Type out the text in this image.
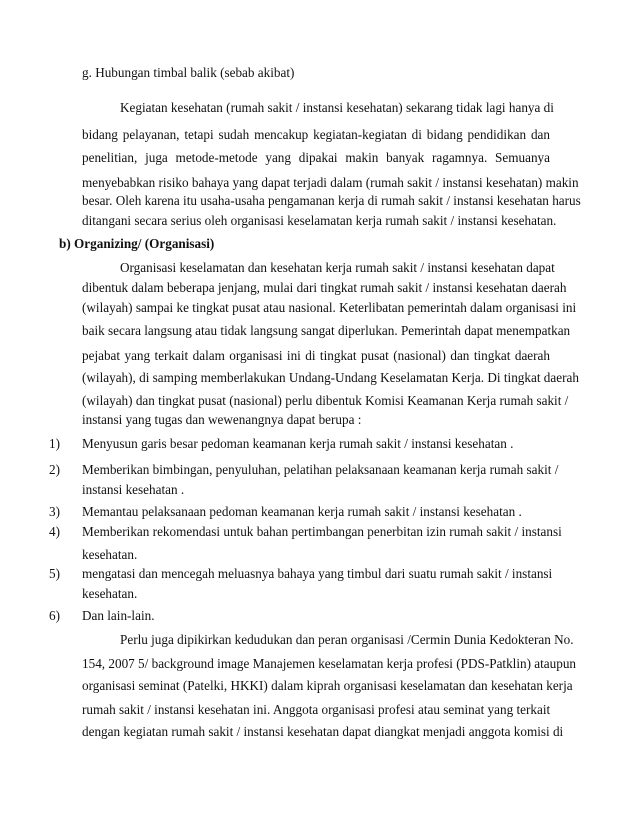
g. Hubungan timbal balik (sebab akibat)
Kegiatan kesehatan (rumah sakit / instansi kesehatan) sekarang tidak lagi hanya di
bidang pelayanan, tetapi sudah mencakup kegiatan-kegiatan di bidang pendidikan dan
penelitian, juga metode-metode yang dipakai makin banyak ragamnya. Semuanya
menyebabkan risiko bahaya yang dapat terjadi dalam (rumah sakit / instansi kesehatan) makin
besar. Oleh karena itu usaha-usaha pengamanan kerja di rumah sakit / instansi kesehatan harus
ditangani secara serius oleh organisasi keselamatan kerja rumah sakit / instansi kesehatan.
b) Organizing/ (Organisasi)
Organisasi keselamatan dan kesehatan kerja rumah sakit / instansi kesehatan dapat
dibentuk dalam beberapa jenjang, mulai dari tingkat rumah sakit / instansi kesehatan daerah
(wilayah) sampai ke tingkat pusat atau nasional. Keterlibatan pemerintah dalam organisasi ini
baik secara langsung atau tidak langsung sangat diperlukan. Pemerintah dapat menempatkan
pejabat yang terkait dalam organisasi ini di tingkat pusat (nasional) dan tingkat daerah
(wilayah), di samping memberlakukan Undang-Undang Keselamatan Kerja. Di tingkat daerah
(wilayah) dan tingkat pusat (nasional) perlu dibentuk Komisi Keamanan Kerja rumah sakit /
instansi yang tugas dan wewenangnya dapat berupa :
1) Menyusun garis besar pedoman keamanan kerja rumah sakit / instansi kesehatan .
2) Memberikan bimbingan, penyuluhan, pelatihan pelaksanaan keamanan kerja rumah sakit /
instansi kesehatan .
3) Memantau pelaksanaan pedoman keamanan kerja rumah sakit / instansi kesehatan .
4) Memberikan rekomendasi untuk bahan pertimbangan penerbitan izin rumah sakit / instansi
kesehatan.
5) mengatasi dan mencegah meluasnya bahaya yang timbul dari suatu rumah sakit / instansi
kesehatan.
6) Dan lain-lain.
Perlu juga dipikirkan kedudukan dan peran organisasi /Cermin Dunia Kedokteran No.
154, 2007 5/ background image Manajemen keselamatan kerja profesi (PDS-Patklin) ataupun
organisasi seminat (Patelki, HKKI) dalam kiprah organisasi keselamatan dan kesehatan kerja
rumah sakit / instansi kesehatan ini. Anggota organisasi profesi atau seminat yang terkait
dengan kegiatan rumah sakit / instansi kesehatan dapat diangkat menjadi anggota komisi di
